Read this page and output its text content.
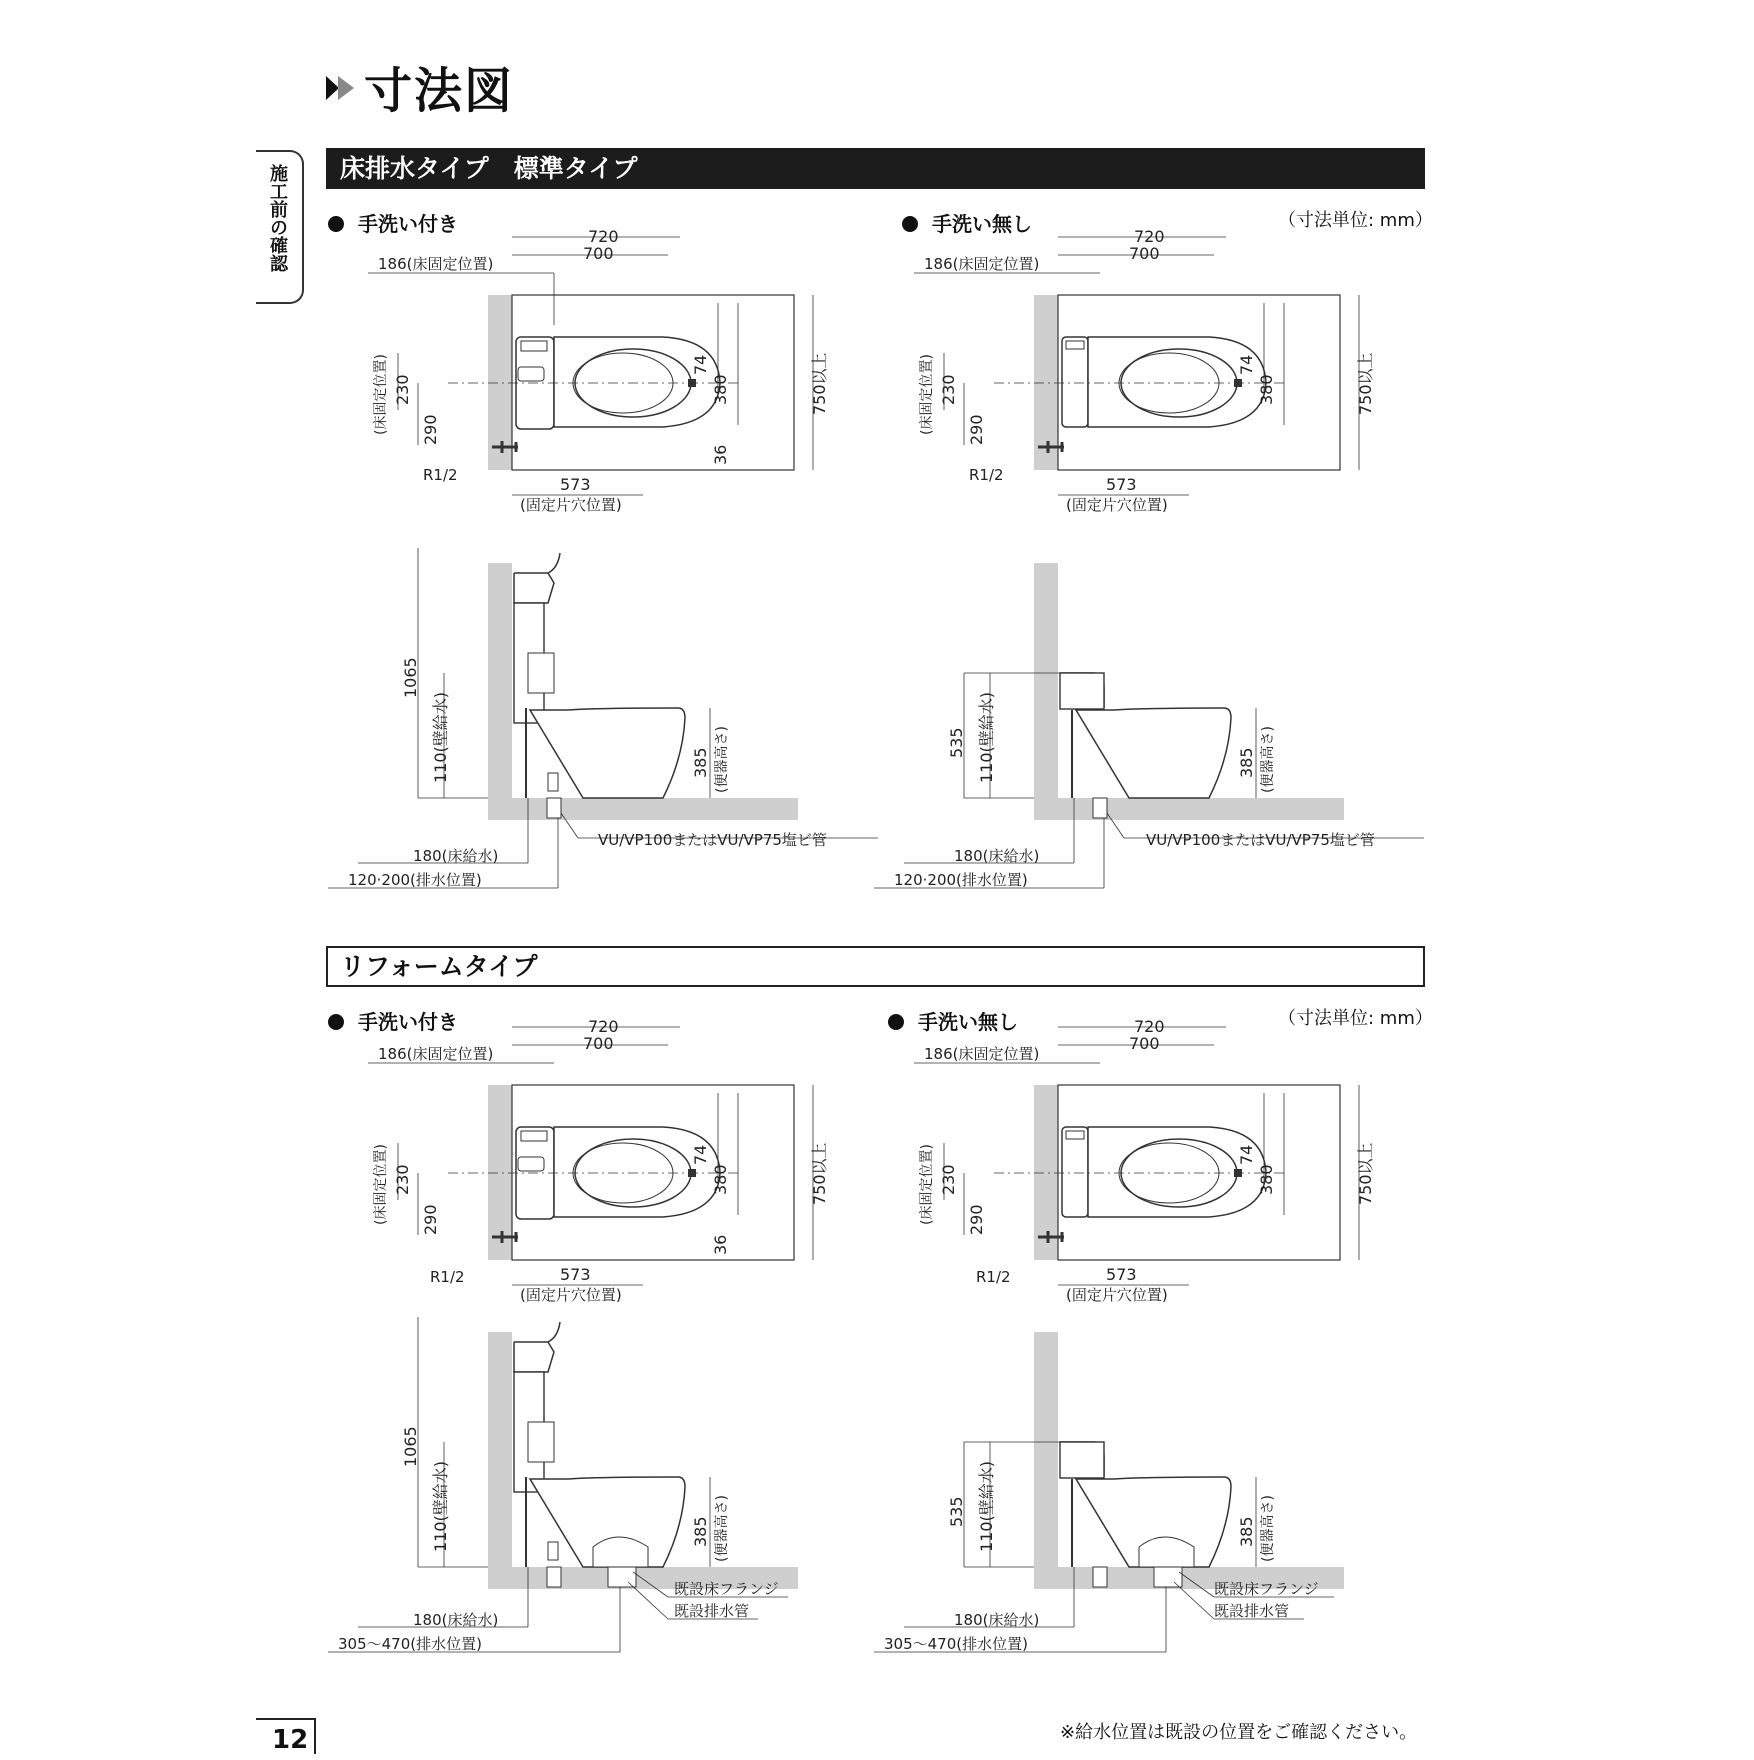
寸法図
施工前の確認	床排水タイプ　標準タイプ
手洗い付き	手洗い無し	（寸法単位: mm）
リフォームタイプ
手洗い付き	手洗い無し	（寸法単位: mm）
720
700
186(床固定位置)
(床固定位置) 230
290
74
380
36
750以上
R1/2	573
(固定片穴位置)
720
700
186(床固定位置)
(床固定位置) 230
290
74
380	750以上
R1/2	573
(固定片穴位置)
1065
110(壁給水)	385 (便器高さ)
VU/VP100またはVU/VP75塩ビ管
180(床給水)
120·200(排水位置)
535 110(壁給水)	385 (便器高さ)
VU/VP100またはVU/VP75塩ビ管
180(床給水)
120·200(排水位置)
720
700
186(床固定位置)
(床固定位置) 230
290
74
380
36
750以上
R1/2	573
(固定片穴位置)
720
700
186(床固定位置)
(床固定位置) 230
290
74
380	750以上
R1/2	573
(固定片穴位置)
1065
110(壁給水)	385 (便器高さ)
既設床フランジ
既設排水管
180(床給水)
305〜470(排水位置)
535 110(壁給水)	385 (便器高さ)
既設床フランジ
既設排水管
180(床給水)
305〜470(排水位置)
※給水位置は既設の位置をご確認ください。
12
